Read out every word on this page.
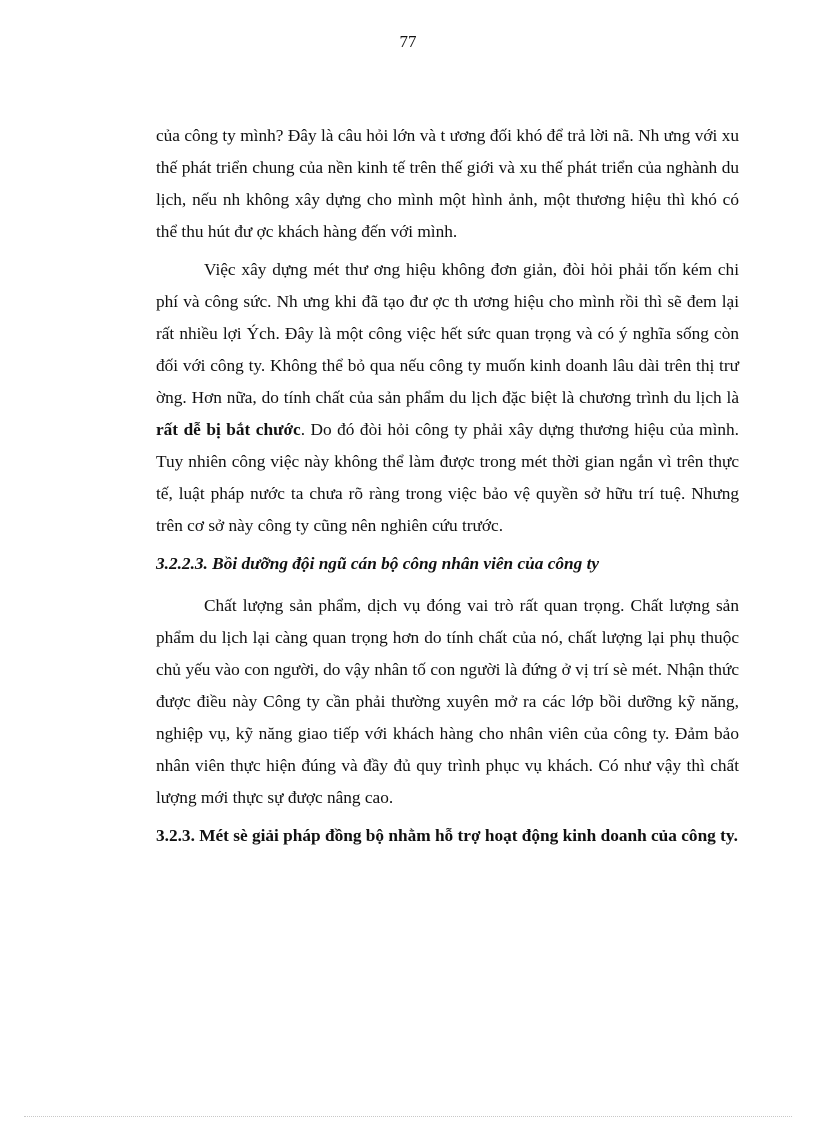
77

của công ty mình? Đây là câu hỏi lớn và t ương đối khó để trả lời nã. Nh ưng với xu thế phát triển chung của nền kinh tế trên thế giới và xu thế phát triển của nghành du lịch, nếu nh không xây dựng cho mình một hình ảnh, một thương hiệu thì khó có thể thu hút đư ợc khách hàng đến với mình.

Việc xây dựng mét thư ơng hiệu không đơn giản, đòi hỏi phải tốn kém chi phí và công sức. Nh ưng khi đã tạo đư ợc th ương hiệu cho mình rồi thì sẽ đem lại rất nhiều lợi Ých. Đây là một công việc hết sức quan trọng và có ý nghĩa sống còn đối với công ty. Không thể bỏ qua nếu công ty muốn kinh doanh lâu dài trên thị trư ờng. Hơn nữa, do tính chất của sản phẩm du lịch đặc biệt là chương trình du lịch là rất dễ bị bắt chước. Do đó đòi hỏi công ty phải xây dựng thương hiệu của mình. Tuy nhiên công việc này không thể làm được trong mét thời gian ngắn vì trên thực tế, luật pháp nước ta chưa rõ ràng trong việc bảo vệ quyền sở hữu trí tuệ. Nhưng trên cơ sở này công ty cũng nên nghiên cứu trước.

3.2.2.3. Bồi dưỡng đội ngũ cán bộ công nhân viên của công ty

Chất lượng sản phẩm, dịch vụ đóng vai trò rất quan trọng. Chất lượng sản phẩm du lịch lại càng quan trọng hơn do tính chất của nó, chất lượng lại phụ thuộc chủ yếu vào con người, do vậy nhân tố con người là đứng ở vị trí sè mét. Nhận thức được điều này Công ty cần phải thường xuyên mở ra các lớp bồi dưỡng kỹ năng, nghiệp vụ, kỹ năng giao tiếp với khách hàng cho nhân viên của công ty. Đảm bảo nhân viên thực hiện đúng và đầy đủ quy trình phục vụ khách. Có như vậy thì chất lượng mới thực sự được nâng cao.

3.2.3. Mét sè giải pháp đồng bộ nhằm hỗ trợ hoạt động kinh doanh của công ty.
